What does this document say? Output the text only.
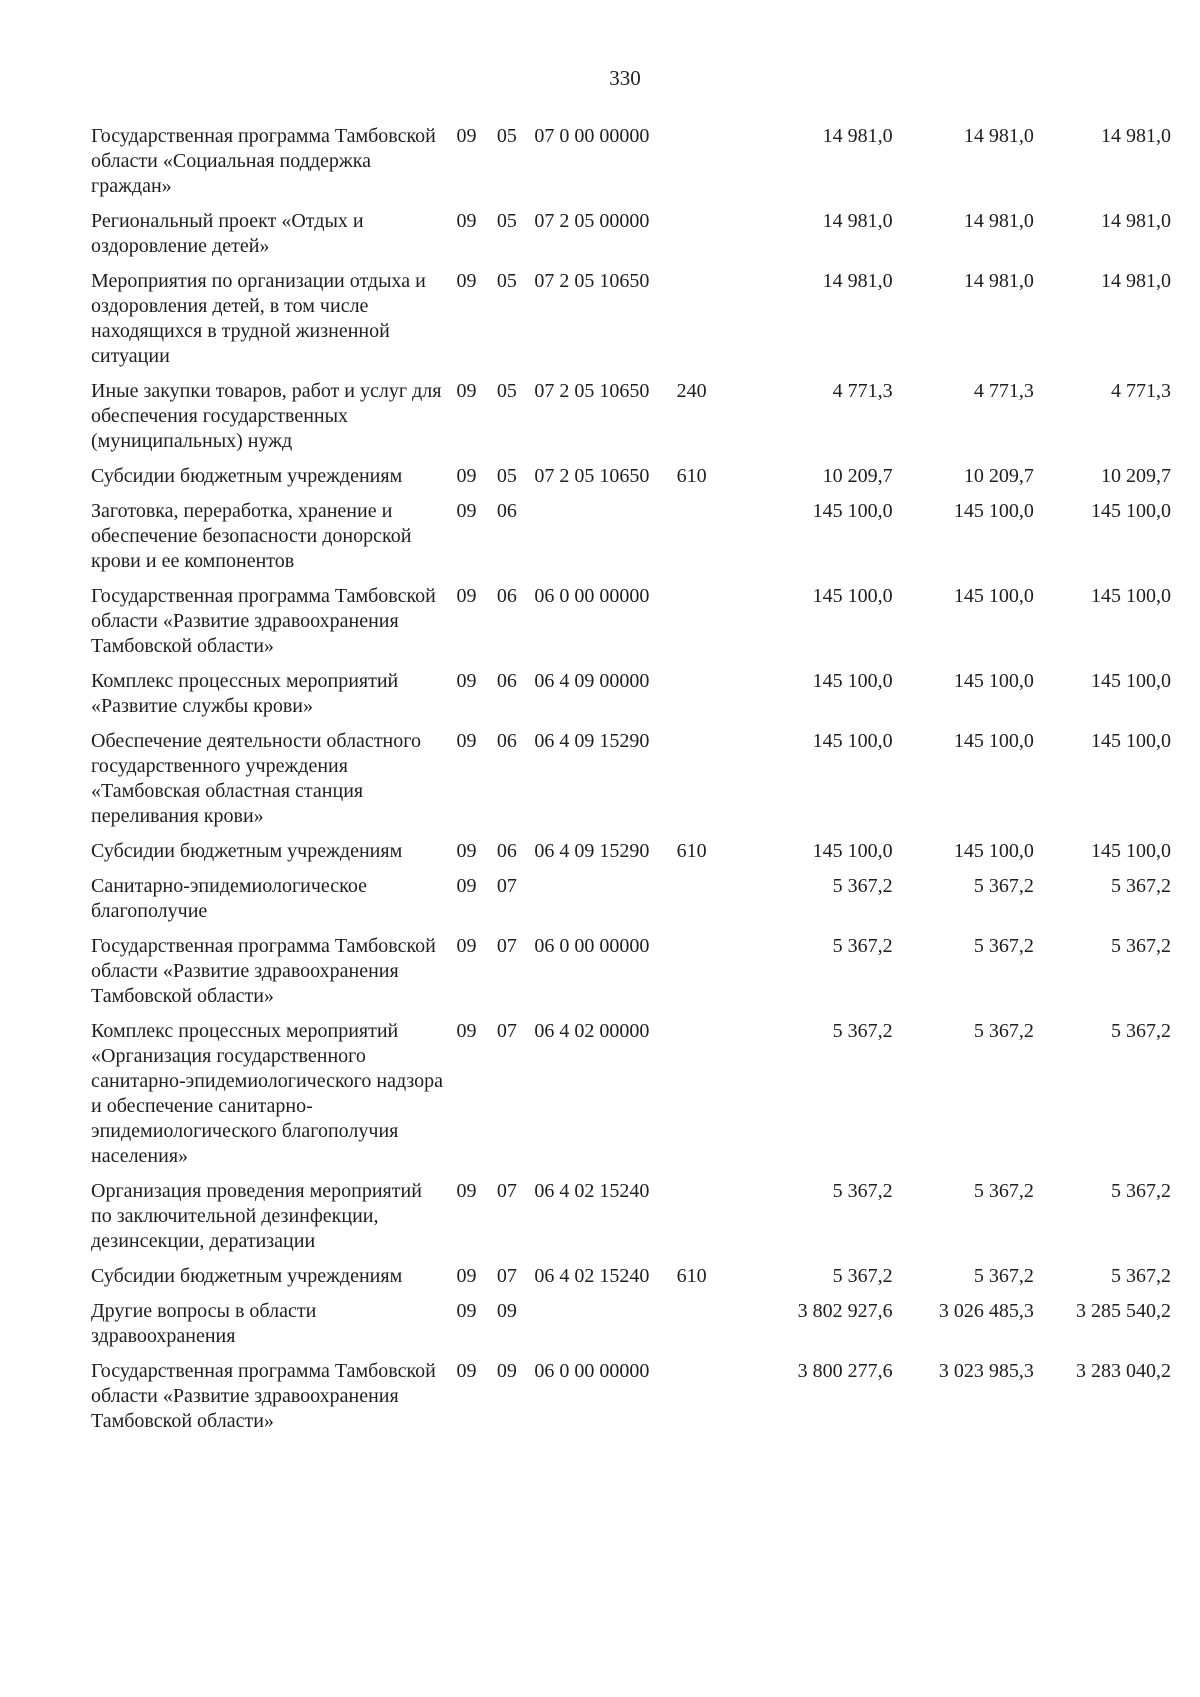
330
Государственная программа Тамбовской области «Социальная поддержка граждан»	09	05	07 0 00 00000		14 981,0	14 981,0	14 981,0
Региональный проект «Отдых и оздоровление детей»	09	05	07 2 05 00000		14 981,0	14 981,0	14 981,0
Мероприятия по организации отдыха и оздоровления детей, в том числе находящихся в трудной жизненной ситуации	09	05	07 2 05 10650		14 981,0	14 981,0	14 981,0
Иные закупки товаров, работ и услуг для обеспечения государственных (муниципальных) нужд	09	05	07 2 05 10650	240	4 771,3	4 771,3	4 771,3
Субсидии бюджетным учреждениям	09	05	07 2 05 10650	610	10 209,7	10 209,7	10 209,7
Заготовка, переработка, хранение и обеспечение безопасности донорской крови и ее компонентов	09	06			145 100,0	145 100,0	145 100,0
Государственная программа Тамбовской области «Развитие здравоохранения Тамбовской области»	09	06	06 0 00 00000		145 100,0	145 100,0	145 100,0
Комплекс процессных мероприятий «Развитие службы крови»	09	06	06 4 09 00000		145 100,0	145 100,0	145 100,0
Обеспечение деятельности областного государственного учреждения «Тамбовская областная станция переливания крови»	09	06	06 4 09 15290		145 100,0	145 100,0	145 100,0
Субсидии бюджетным учреждениям	09	06	06 4 09 15290	610	145 100,0	145 100,0	145 100,0
Санитарно-эпидемиологическое благополучие	09	07			5 367,2	5 367,2	5 367,2
Государственная программа Тамбовской области «Развитие здравоохранения Тамбовской области»	09	07	06 0 00 00000		5 367,2	5 367,2	5 367,2
Комплекс процессных мероприятий «Организация государственного санитарно-эпидемиологического надзора и обеспечение санитарно-эпидемиологического благополучия населения»	09	07	06 4 02 00000		5 367,2	5 367,2	5 367,2
Организация проведения мероприятий по заключительной дезинфекции, дезинсекции, дератизации	09	07	06 4 02 15240		5 367,2	5 367,2	5 367,2
Субсидии бюджетным учреждениям	09	07	06 4 02 15240	610	5 367,2	5 367,2	5 367,2
Другие вопросы в области здравоохранения	09	09			3 802 927,6	3 026 485,3	3 285 540,2
Государственная программа Тамбовской области «Развитие здравоохранения Тамбовской области»	09	09	06 0 00 00000		3 800 277,6	3 023 985,3	3 283 040,2
